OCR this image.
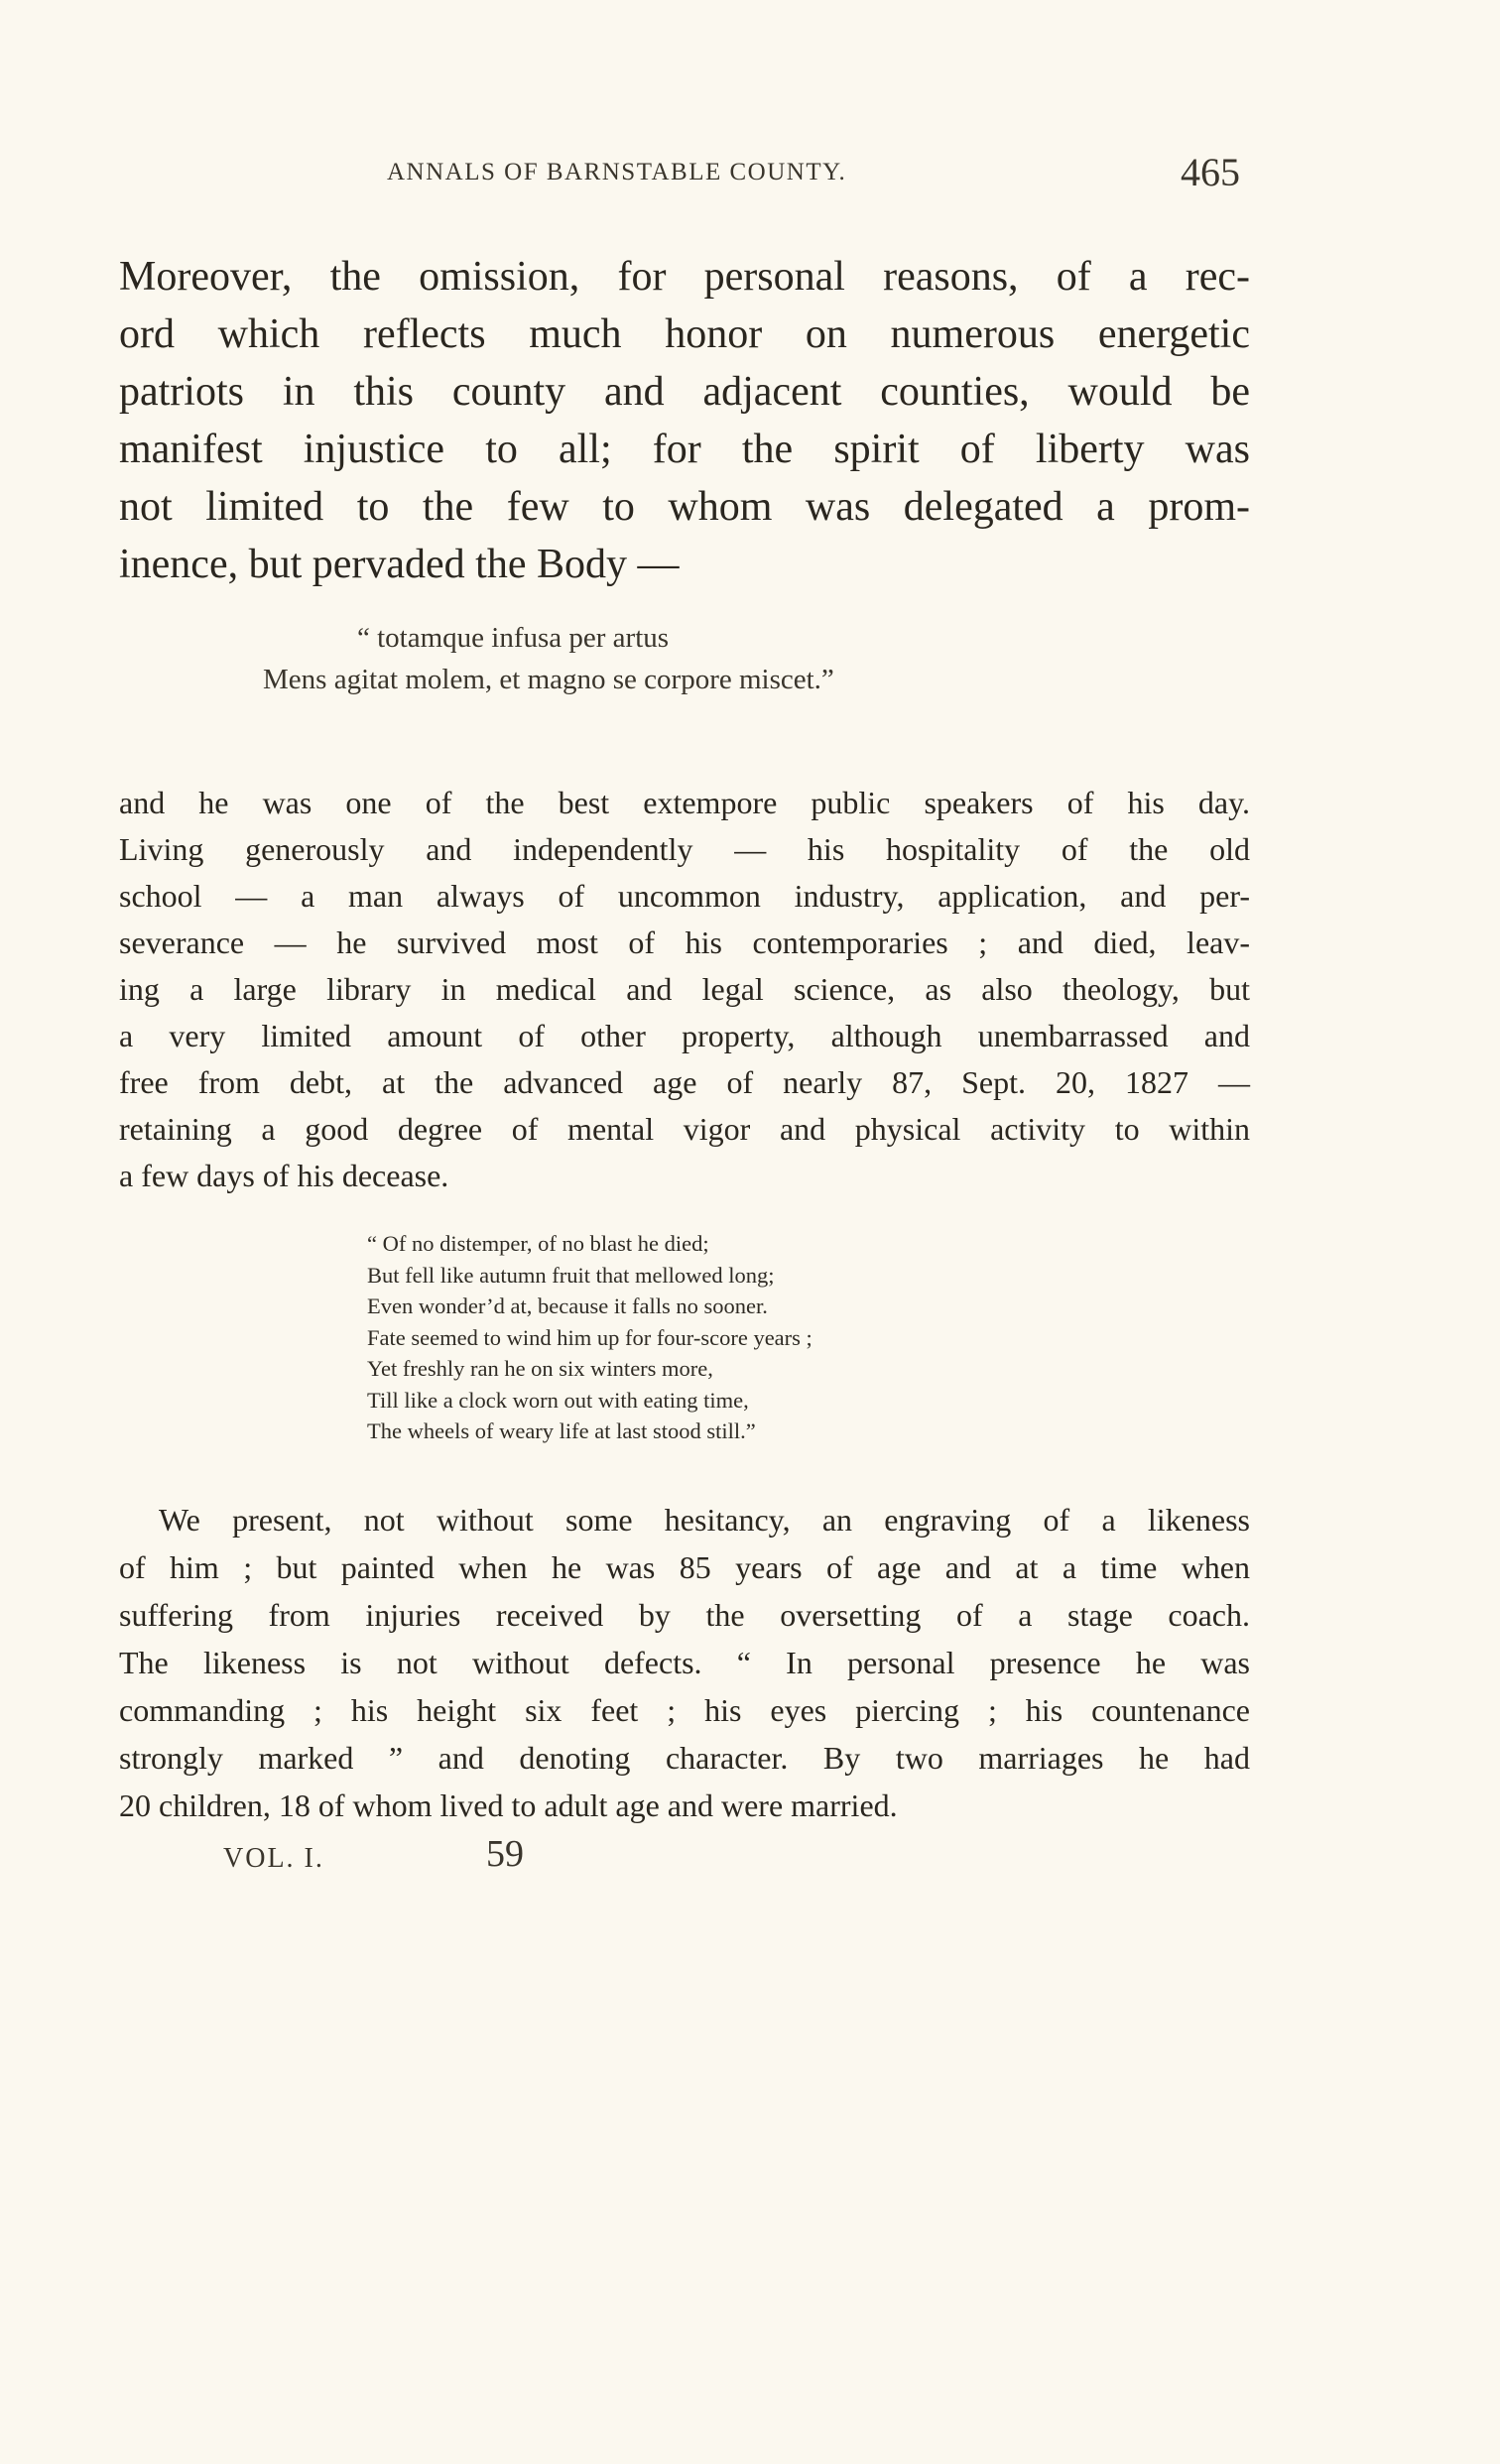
ANNALS OF BARNSTABLE COUNTY.	465
Moreover, the omission, for personal reasons, of a rec-
ord which reflects much honor on numerous energetic
patriots in this county and adjacent counties, would be
manifest injustice to all; for the spirit of liberty was
not limited to the few to whom was delegated a prom-
inence, but pervaded the Body —
“ totamque infusa per artus
Mens agitat molem, et magno se corpore miscet.”
and he was one of the best extempore public speakers of his day.
Living generously and independently — his hospitality of the old
school — a man always of uncommon industry, application, and per-
severance — he survived most of his contemporaries ; and died, leav-
ing a large library in medical and legal science, as also theology, but
a very limited amount of other property, although unembarrassed and
free from debt, at the advanced age of nearly 87, Sept. 20, 1827 —
retaining a good degree of mental vigor and physical activity to within
a few days of his decease.
“ Of no distemper, of no blast he died;
But fell like autumn fruit that mellowed long;
Even wonder’d at, because it falls no sooner.
Fate seemed to wind him up for four-score years ;
Yet freshly ran he on six winters more,
Till like a clock worn out with eating time,
The wheels of weary life at last stood still.”
We present, not without some hesitancy, an engraving of a likeness
of him ; but painted when he was 85 years of age and at a time when
suffering from injuries received by the oversetting of a stage coach.
The likeness is not without defects. “ In personal presence he was
commanding ; his height six feet ; his eyes piercing ; his countenance
strongly marked ” and denoting character. By two marriages he had
20 children, 18 of whom lived to adult age and were married.
VOL. I.	59
